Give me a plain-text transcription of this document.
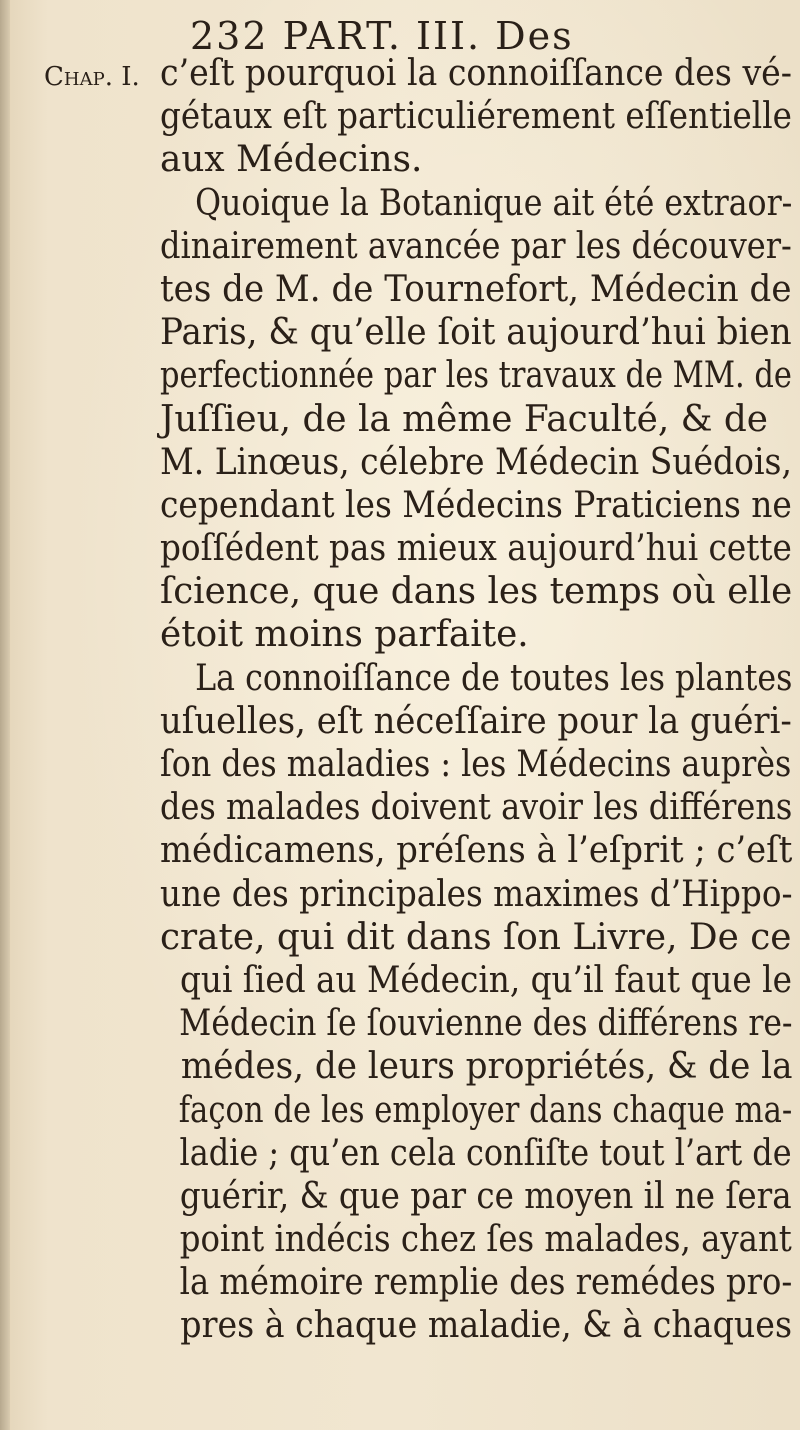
232 PART. III. Des
Chap. I. c’eſt pourquoi la connoiſſance des vé-
gétaux eſt particuliérement eſſentielle
aux Médecins.
Quoique la Botanique ait été extraor-
dinairement avancée par les découver-
tes de M. de Tournefort, Médecin de
Paris, & qu’elle ſoit aujourd’hui bien
perfectionnée par les travaux de MM. de
Juſſieu, de la même Faculté, & de
M. Linœus, célebre Médecin Suédois,
cependant les Médecins Praticiens ne
poſſédent pas mieux aujourd’hui cette
ſcience, que dans les temps où elle
étoit moins parfaite.
La connoiſſance de toutes les plantes
uſuelles, eſt néceſſaire pour la guéri-
ſon des maladies : les Médecins auprès
des malades doivent avoir les différens
médicamens, préſens à l’eſprit ; c’eſt
une des principales maximes d’Hippo-
crate, qui dit dans ſon Livre, De ce
qui ſied au Médecin, qu’il faut que le
Médecin ſe ſouvienne des différens re-
médes, de leurs propriétés, & de la
façon de les employer dans chaque ma-
ladie ; qu’en cela conſiſte tout l’art de
guérir, & que par ce moyen il ne ſera
point indécis chez ſes malades, ayant
la mémoire remplie des remédes pro-
pres à chaque maladie, & à chaques
